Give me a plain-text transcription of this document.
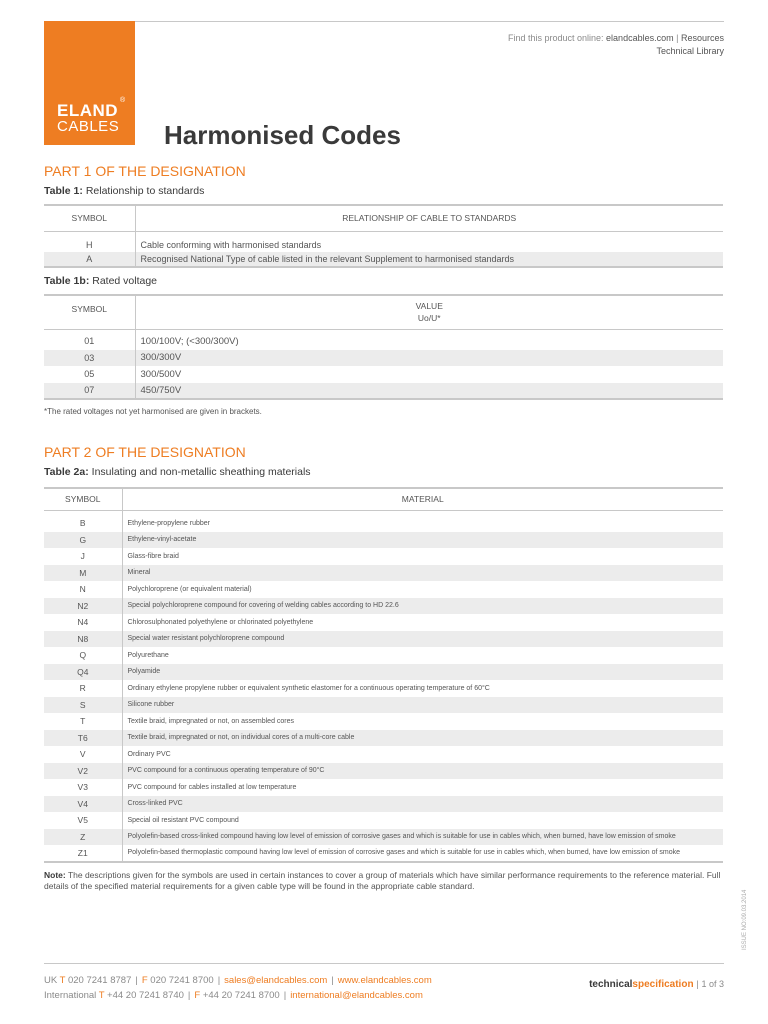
ELAND
®
CABLES
Find this product online: elandcables.com | Resources
Technical Library
Harmonised Codes
PART 1 OF THE DESIGNATION
Table 1: Relationship to standards
SYMBOL	RELATIONSHIP OF CABLE TO STANDARDS

H	Cable conforming with harmonised standards
A	Recognised National Type of cable listed in the relevant Supplement to harmonised standards
Table 1b: Rated voltage
SYMBOL	VALUE
Uo/U*

01	100/100V; (<300/300V)
03	300/300V
05	300/500V
07	450/750V
*The rated voltages not yet harmonised are given in brackets.
PART 2 OF THE DESIGNATION
Table 2a: Insulating and non-metallic sheathing materials
SYMBOL	MATERIAL

B	Ethylene-propylene rubber
G	Ethylene-vinyl-acetate
J	Glass-fibre braid
M	Mineral
N	Polychloroprene (or equivalent material)
N2	Special polychloroprene compound for covering of welding cables according to HD 22.6
N4	Chlorosulphonated polyethylene or chlorinated polyethylene
N8	Special water resistant polychloroprene compound
Q	Polyurethane
Q4	Polyamide
R	Ordinary ethylene propylene rubber or equivalent synthetic elastomer for a continuous operating temperature of 60°C
S	Silicone rubber
T	Textile braid, impregnated or not, on assembled cores
T6	Textile braid, impregnated or not, on individual cores of a multi-core cable
V	Ordinary PVC
V2	PVC compound for a continuous operating temperature of 90°C
V3	PVC compound for cables installed at low temperature
V4	Cross-linked PVC
V5	Special oil resistant PVC compound
Z	Polyolefin-based cross-linked compound having low level of emission of corrosive gases and which is suitable for use in cables which, when burned, have low emission of smoke
Z1	Polyolefin-based thermoplastic compound having low level of emission of corrosive gases and which is suitable for use in cables which, when burned, have low emission of smoke
Note: The descriptions given for the symbols are used in certain instances to cover a group of materials which have similar performance requirements to the reference material. Full details of the specified material requirements for a given cable type will be found in the appropriate cable standard.
ISSUE NO:09.03.2014
UK T 020 7241 8787 | F 020 7241 8700 | sales@elandcables.com | www.elandcables.com
International T +44 20 7241 8740 | F +44 20 7241 8700 | international@elandcables.com
technicalspecification | 1 of 3
